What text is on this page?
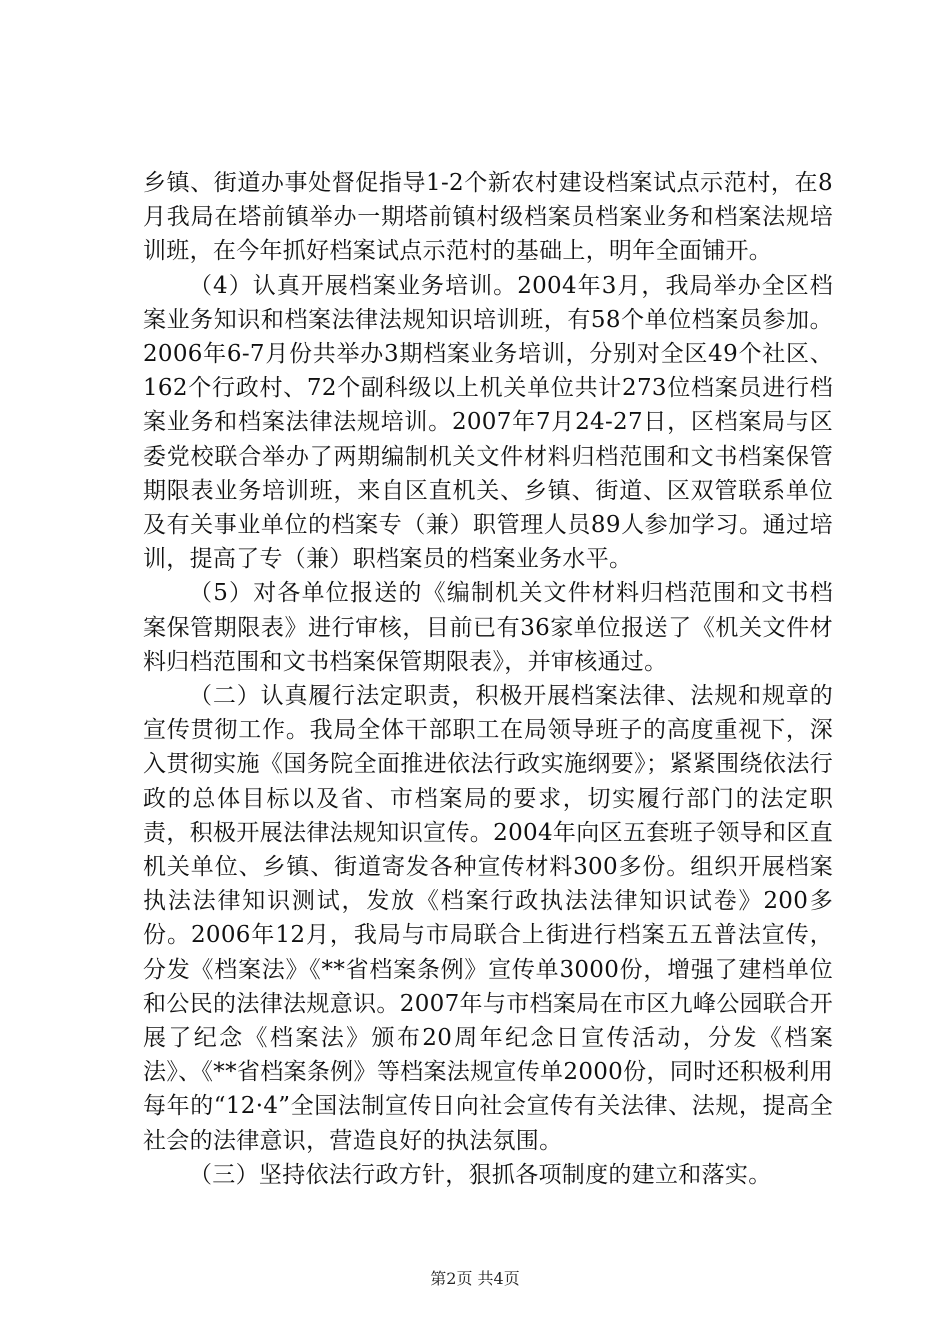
乡镇、街道办事处督促指导1-2个新农村建设档案试点示范村，在8月我局在塔前镇举办一期塔前镇村级档案员档案业务和档案法规培训班，在今年抓好档案试点示范村的基础上，明年全面铺开。

（4）认真开展档案业务培训。2004年3月，我局举办全区档案业务知识和档案法律法规知识培训班，有58个单位档案员参加。2006年6-7月份共举办3期档案业务培训，分别对全区49个社区、162个行政村、72个副科级以上机关单位共计273位档案员进行档案业务和档案法律法规培训。2007年7月24-27日，区档案局与区委党校联合举办了两期编制机关文件材料归档范围和文书档案保管期限表业务培训班，来自区直机关、乡镇、街道、区双管联系单位及有关事业单位的档案专（兼）职管理人员89人参加学习。通过培训，提高了专（兼）职档案员的档案业务水平。

（5）对各单位报送的《编制机关文件材料归档范围和文书档案保管期限表》进行审核，目前已有36家单位报送了《机关文件材料归档范围和文书档案保管期限表》，并审核通过。

（二）认真履行法定职责，积极开展档案法律、法规和规章的宣传贯彻工作。我局全体干部职工在局领导班子的高度重视下，深入贯彻实施《国务院全面推进依法行政实施纲要》；紧紧围绕依法行政的总体目标以及省、市档案局的要求，切实履行部门的法定职责，积极开展法律法规知识宣传。2004年向区五套班子领导和区直机关单位、乡镇、街道寄发各种宣传材料300多份。组织开展档案执法法律知识测试，发放《档案行政执法法律知识试卷》200多份。2006年12月，我局与市局联合上街进行档案五五普法宣传，分发《档案法》《**省档案条例》宣传单3000份，增强了建档单位和公民的法律法规意识。2007年与市档案局在市区九峰公园联合开展了纪念《档案法》颁布20周年纪念日宣传活动，分发《档案法》、《**省档案条例》等档案法规宣传单2000份，同时还积极利用每年的“12·4”全国法制宣传日向社会宣传有关法律、法规，提高全社会的法律意识，营造良好的执法氛围。

（三）坚持依法行政方针，狠抓各项制度的建立和落实。

第2页 共4页
